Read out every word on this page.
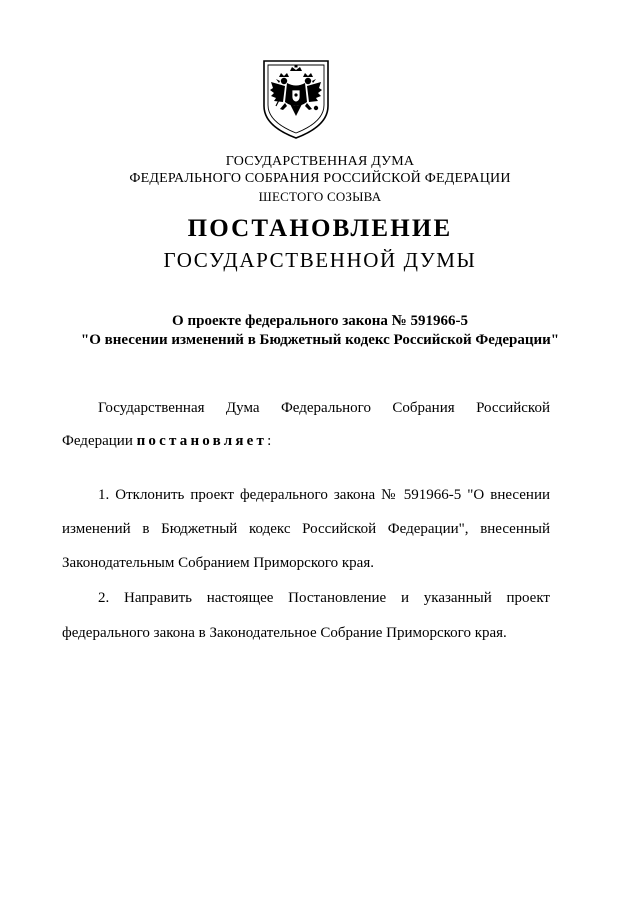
ГОСУДАРСТВЕННАЯ ДУМА
ФЕДЕРАЛЬНОГО СОБРАНИЯ РОССИЙСКОЙ ФЕДЕРАЦИИ
ШЕСТОГО СОЗЫВА
ПОСТАНОВЛЕНИЕ
ГОСУДАРСТВЕННОЙ ДУМЫ
О проекте федерального закона № 591966-5
"О внесении изменений в Бюджетный кодекс Российской Федерации"
Государственная Дума Федерального Собрания Российской
Федерации постановляет:
1. Отклонить проект федерального закона № 591966-5 "О внесении
изменений в Бюджетный кодекс Российской Федерации", внесенный
Законодательным Собранием Приморского края.
2. Направить настоящее Постановление и указанный проект
федерального закона в Законодательное Собрание Приморского края.
